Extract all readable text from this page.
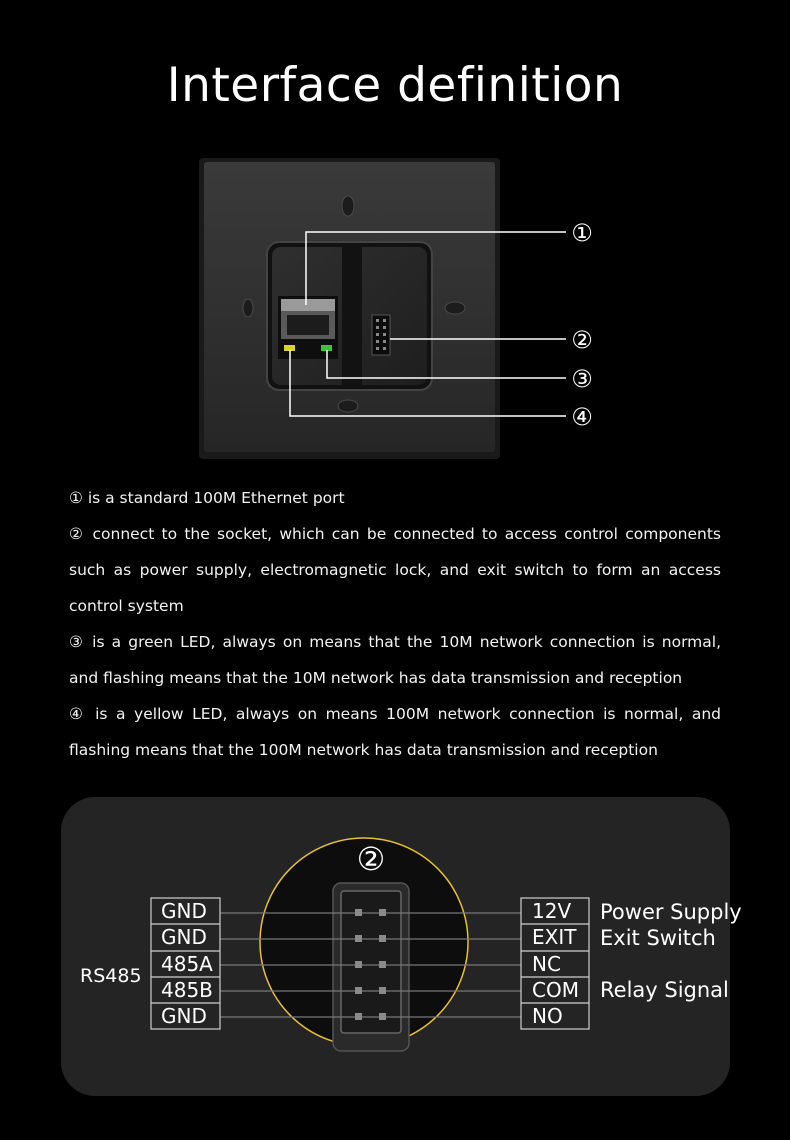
Interface definition
①
②
③
④

① is a standard 100M Ethernet port

② connect to the socket, which can be connected to access control components such as power supply, electromagnetic lock, and exit switch to form an access control system

③ is a green LED, always on means that the 10M network connection is normal, and flashing means that the 10M network has data transmission and reception

④ is a yellow LED, always on means 100M network connection is normal, and flashing means that the 100M network has data transmission and reception

②
GND
GND
485A
485B
GND
12V
EXIT
NC
COM
NO
RS485
Power Supply
Exit Switch
Relay Signal
